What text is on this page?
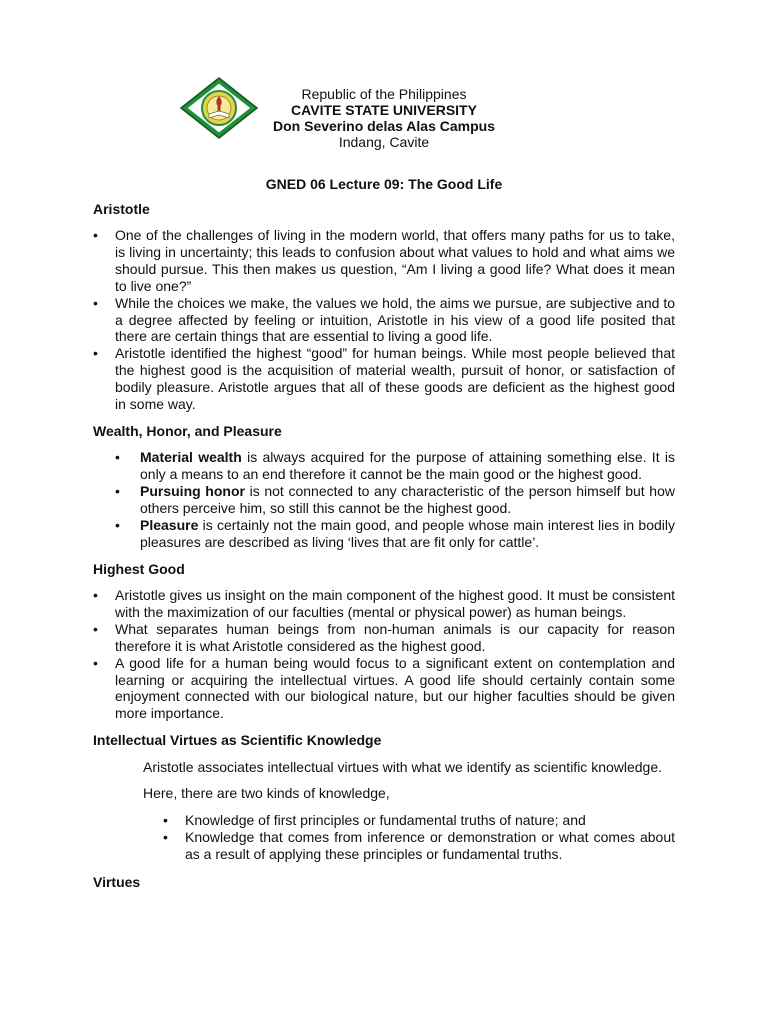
Republic of the Philippines
CAVITE STATE UNIVERSITY
Don Severino delas Alas Campus
Indang, Cavite
GNED 06 Lecture 09: The Good Life

Aristotle

• One of the challenges of living in the modern world, that offers many paths for us to take, is living in uncertainty; this leads to confusion about what values to hold and what aims we should pursue. This then makes us question, “Am I living a good life? What does it mean to live one?”
• While the choices we make, the values we hold, the aims we pursue, are subjective and to a degree affected by feeling or intuition, Aristotle in his view of a good life posited that there are certain things that are essential to living a good life.
• Aristotle identified the highest “good” for human beings. While most people believed that the highest good is the acquisition of material wealth, pursuit of honor, or satisfaction of bodily pleasure. Aristotle argues that all of these goods are deficient as the highest good in some way.

Wealth, Honor, and Pleasure

• Material wealth is always acquired for the purpose of attaining something else. It is only a means to an end therefore it cannot be the main good or the highest good.
• Pursuing honor is not connected to any characteristic of the person himself but how others perceive him, so still this cannot be the highest good.
• Pleasure is certainly not the main good, and people whose main interest lies in bodily pleasures are described as living ‘lives that are fit only for cattle’.

Highest Good

• Aristotle gives us insight on the main component of the highest good. It must be consistent with the maximization of our faculties (mental or physical power) as human beings.
• What separates human beings from non-human animals is our capacity for reason therefore it is what Aristotle considered as the highest good.
• A good life for a human being would focus to a significant extent on contemplation and learning or acquiring the intellectual virtues. A good life should certainly contain some enjoyment connected with our biological nature, but our higher faculties should be given more importance.

Intellectual Virtues as Scientific Knowledge

Aristotle associates intellectual virtues with what we identify as scientific knowledge.

Here, there are two kinds of knowledge,

• Knowledge of first principles or fundamental truths of nature; and
• Knowledge that comes from inference or demonstration or what comes about as a result of applying these principles or fundamental truths.

Virtues
